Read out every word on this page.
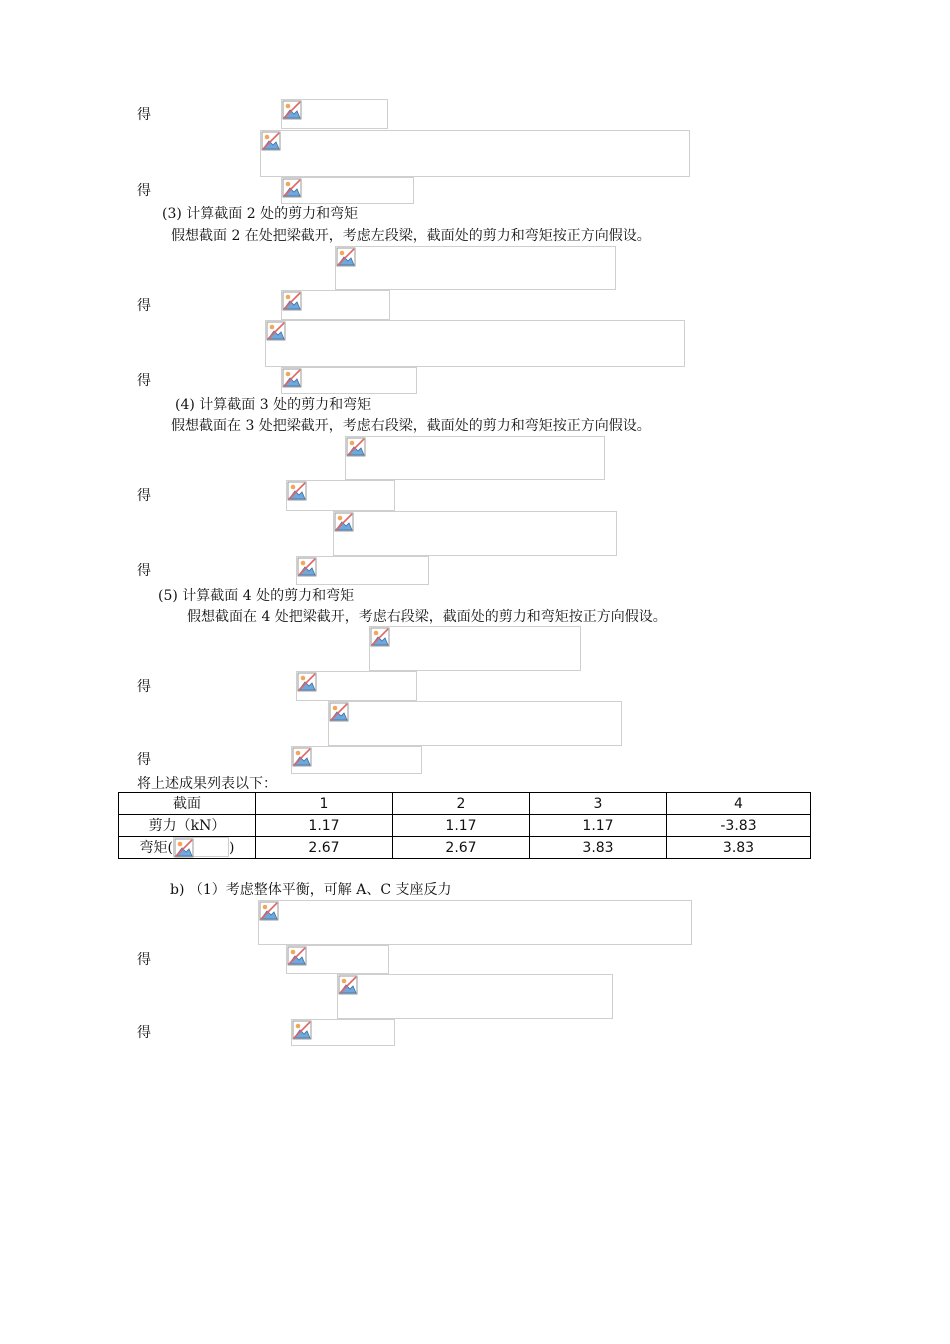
得
得
(3) 计算截面 2 处的剪力和弯矩
假想截面 2 在处把梁截开，考虑左段梁，截面处的剪力和弯矩按正方向假设。
得
得
(4) 计算截面 3 处的剪力和弯矩
假想截面在 3 处把梁截开，考虑右段梁，截面处的剪力和弯矩按正方向假设。
得
得
(5) 计算截面 4 处的剪力和弯矩
假想截面在 4 处把梁截开，考虑右段梁，截面处的剪力和弯矩按正方向假设。
得
得
将上述成果列表以下：
截面	1	2	3	4
剪力（kN）	1.17	1.17	1.17	-3.83
弯矩( )	2.67	2.67	3.83	3.83
b) （1）考虑整体平衡，可解 A、C 支座反力
得
得
